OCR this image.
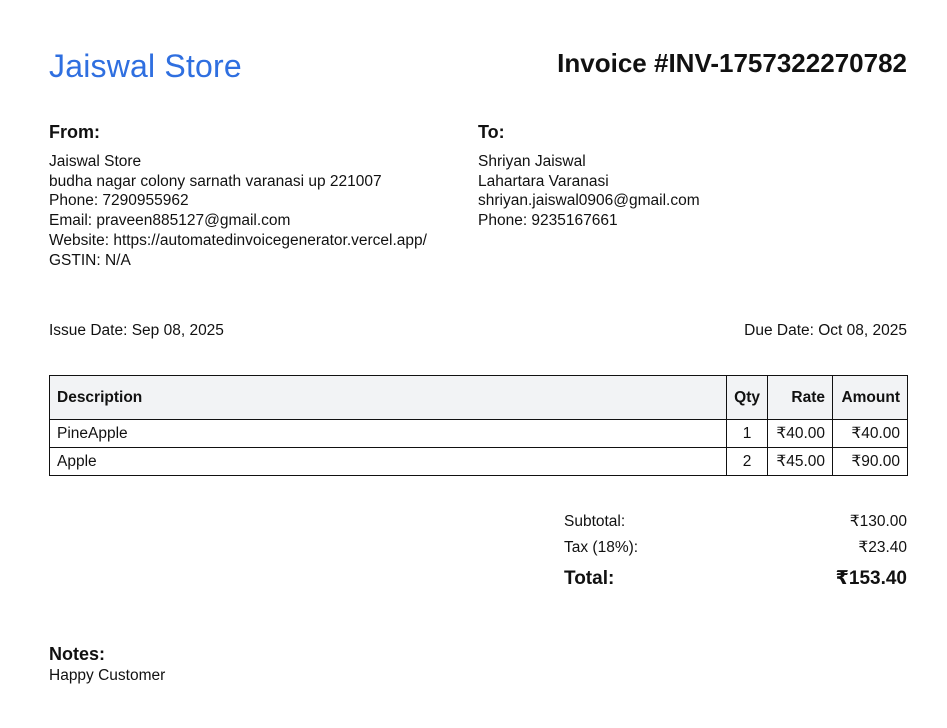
Jaiswal Store	Invoice #INV-1757322270782
From:
Jaiswal Store
budha nagar colony sarnath varanasi up 221007
Phone: 7290955962
Email: praveen885127@gmail.com
Website: https://automatedinvoicegenerator.vercel.app/
GSTIN: N/A
To:
Shriyan Jaiswal
Lahartara Varanasi
shriyan.jaiswal0906@gmail.com
Phone: 9235167661
Issue Date: Sep 08, 2025	Due Date: Oct 08, 2025
Description	Qty	Rate	Amount
PineApple	1	₹40.00	₹40.00
Apple	2	₹45.00	₹90.00
Subtotal:	₹130.00
Tax (18%):	₹23.40
Total:	₹153.40
Notes:

Happy Customer
